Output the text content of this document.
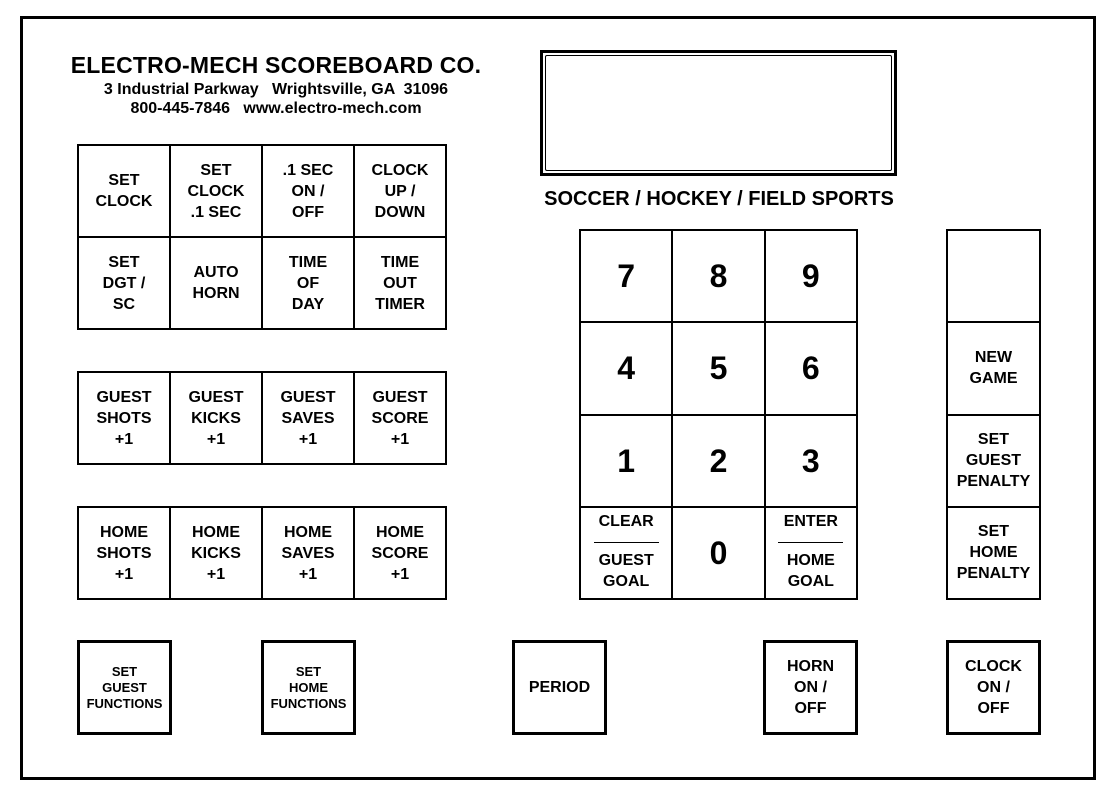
ELECTRO-MECH SCOREBOARD CO.
3 Industrial Parkway   Wrightsville, GA  31096
800-445-7846   www.electro-mech.com
SOCCER / HOCKEY / FIELD SPORTS
SET
CLOCK
SET
CLOCK
.1 SEC
.1 SEC
ON /
OFF
CLOCK
UP /
DOWN
SET
DGT /
SC
AUTO
HORN
TIME
OF
DAY
TIME
OUT
TIMER
GUEST
SHOTS
+1
GUEST
KICKS
+1
GUEST
SAVES
+1
GUEST
SCORE
+1
HOME
SHOTS
+1
HOME
KICKS
+1
HOME
SAVES
+1
HOME
SCORE
+1
7	8	9
4	5	6
1	2	3
CLEAR
GUEST
GOAL
0
ENTER
HOME
GOAL
NEW
GAME
SET
GUEST
PENALTY
SET
HOME
PENALTY
SET
GUEST
FUNCTIONS
SET
HOME
FUNCTIONS
PERIOD
HORN
ON /
OFF
CLOCK
ON /
OFF
